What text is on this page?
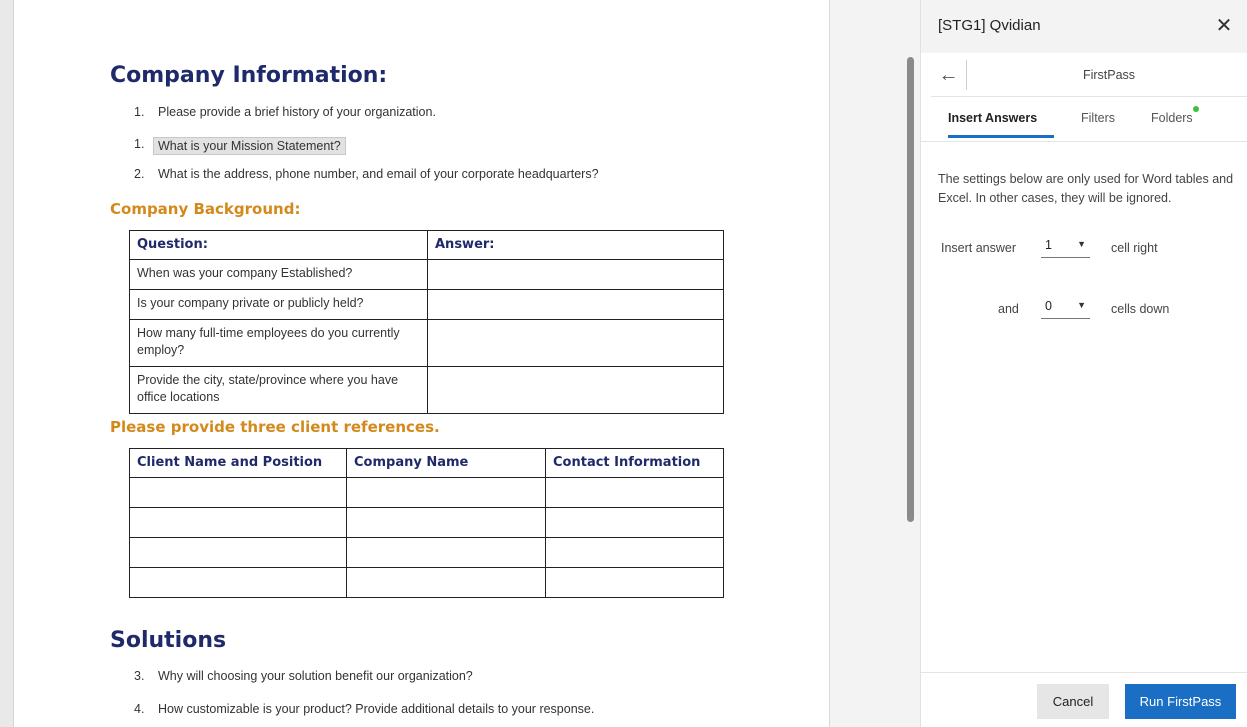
Company Information:
1. Please provide a brief history of your organization.
1.	What is your Mission Statement?
2. What is the address, phone number, and email of your corporate headquarters?
Company Background:
Question:	Answer:
When was your company Established?	
Is your company private or publicly held?	
How many full-time employees do you currently employ?	
Provide the city, state/province where you have office locations	
Please provide three client references.
Client Name and Position	Company Name	Contact Information

Solutions
3. Why will choosing your solution benefit our organization?
4. How customizable is your product? Provide additional details to your response.
[STG1] Qvidian	✕
←	FirstPass
Insert Answers	Filters	Folders
The settings below are only used for Word tables and Excel. In other cases, they will be ignored.
Insert answer 1	▼ cell right
and 0	▼ cells down
Cancel	Run FirstPass
